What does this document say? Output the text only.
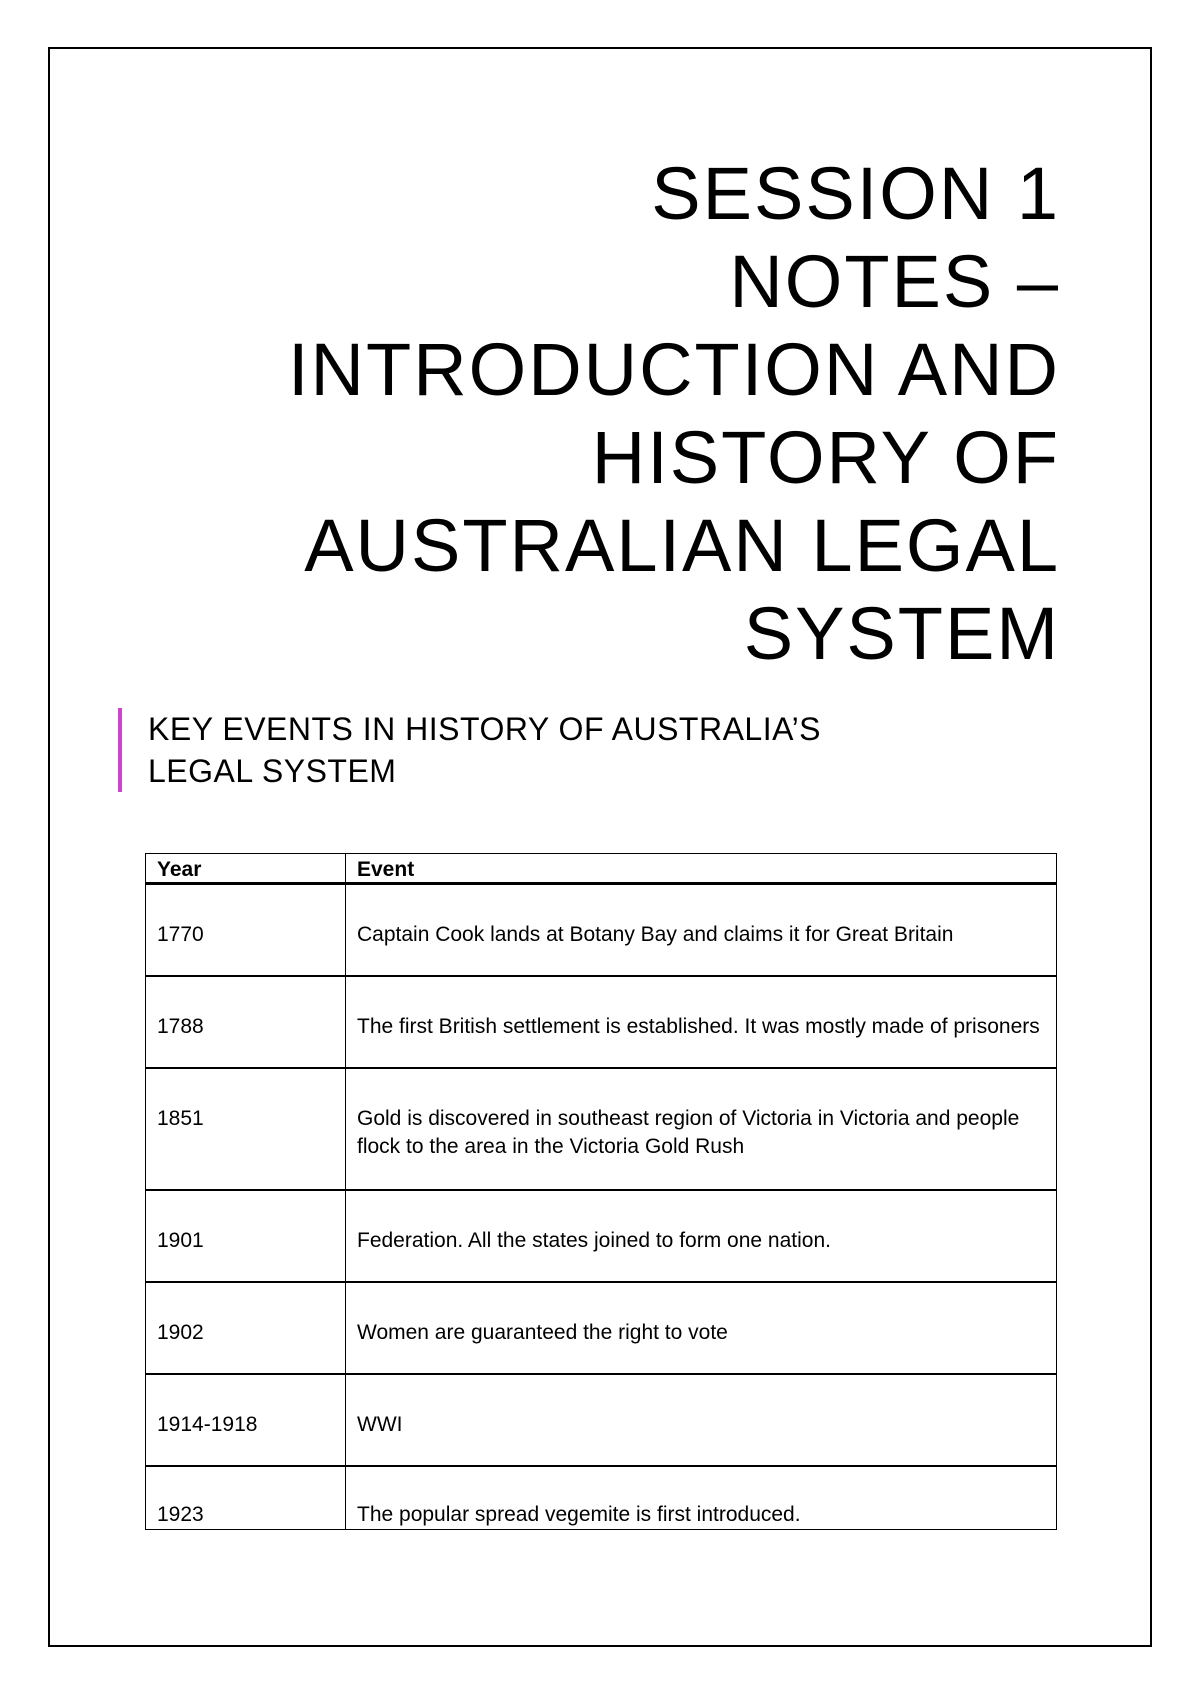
SESSION 1
NOTES –
INTRODUCTION AND
HISTORY OF
AUSTRALIAN LEGAL
SYSTEM
KEY EVENTS IN HISTORY OF AUSTRALIA’S
LEGAL SYSTEM
Year	Event
1770	Captain Cook lands at Botany Bay and claims it for Great Britain
1788	The first British settlement is established. It was mostly made of prisoners
1851	Gold is discovered in southeast region of Victoria in Victoria and people flock to the area in the Victoria Gold Rush
1901	Federation. All the states joined to form one nation.
1902	Women are guaranteed the right to vote
1914-1918	WWI
1923	The popular spread vegemite is first introduced.
